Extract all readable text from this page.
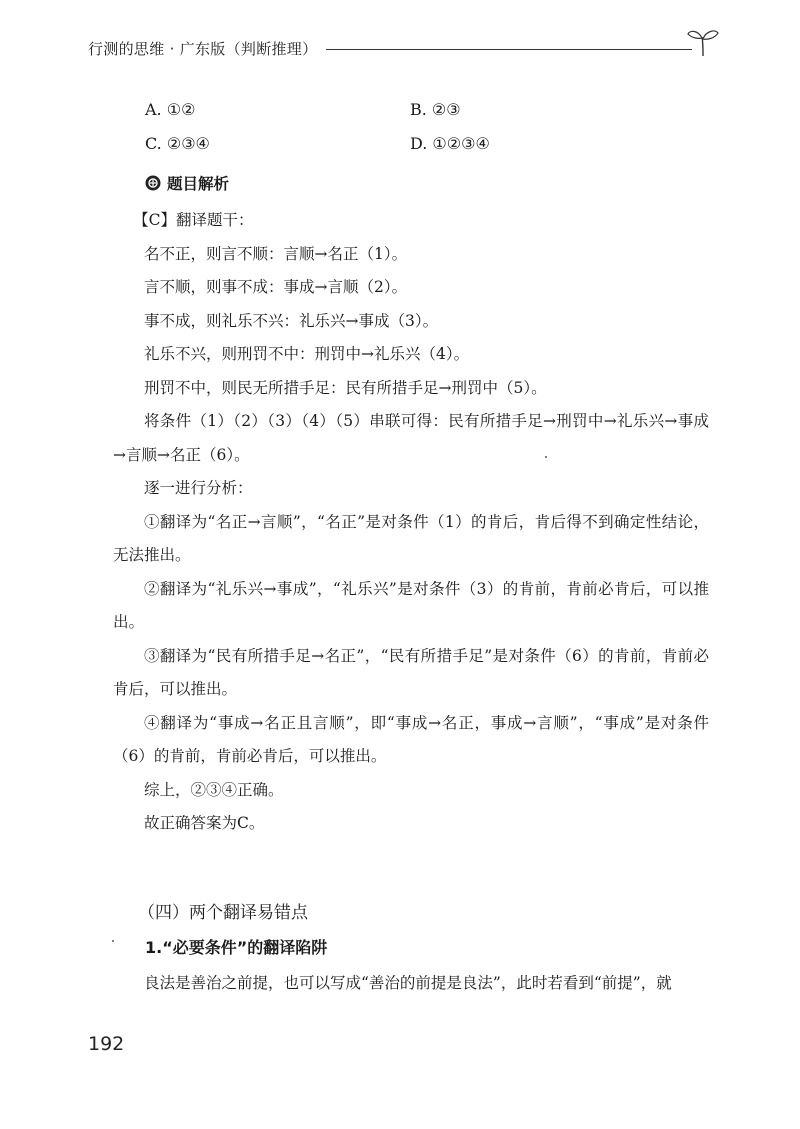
行测的思维 · 广东版（判断推理）
A. ①②	B. ②③
C. ②③④	D. ①②③④
题目解析

【C】翻译题干：

名不正，则言不顺：言顺→名正（1）。

言不顺，则事不成：事成→言顺（2）。

事不成，则礼乐不兴：礼乐兴→事成（3）。

礼乐不兴，则刑罚不中：刑罚中→礼乐兴（4）。

刑罚不中，则民无所措手足：民有所措手足→刑罚中（5）。

将条件（1）（2）（3）（4）（5）串联可得：民有所措手足→刑罚中→礼乐兴→事成→言顺→名正（6）。

逐一进行分析：

①翻译为“名正→言顺”，“名正”是对条件（1）的肯后，肯后得不到确定性结论，无法推出。

②翻译为“礼乐兴→事成”，“礼乐兴”是对条件（3）的肯前，肯前必肯后，可以推出。

③翻译为“民有所措手足→名正”，“民有所措手足”是对条件（6）的肯前，肯前必肯后，可以推出。

④翻译为“事成→名正且言顺”，即“事成→名正，事成→言顺”，“事成”是对条件（6）的肯前，肯前必肯后，可以推出。

综上，②③④正确。

故正确答案为C。

（四）两个翻译易错点
1.“必要条件”的翻译陷阱

良法是善治之前提，也可以写成“善治的前提是良法”，此时若看到“前提”，就

192
